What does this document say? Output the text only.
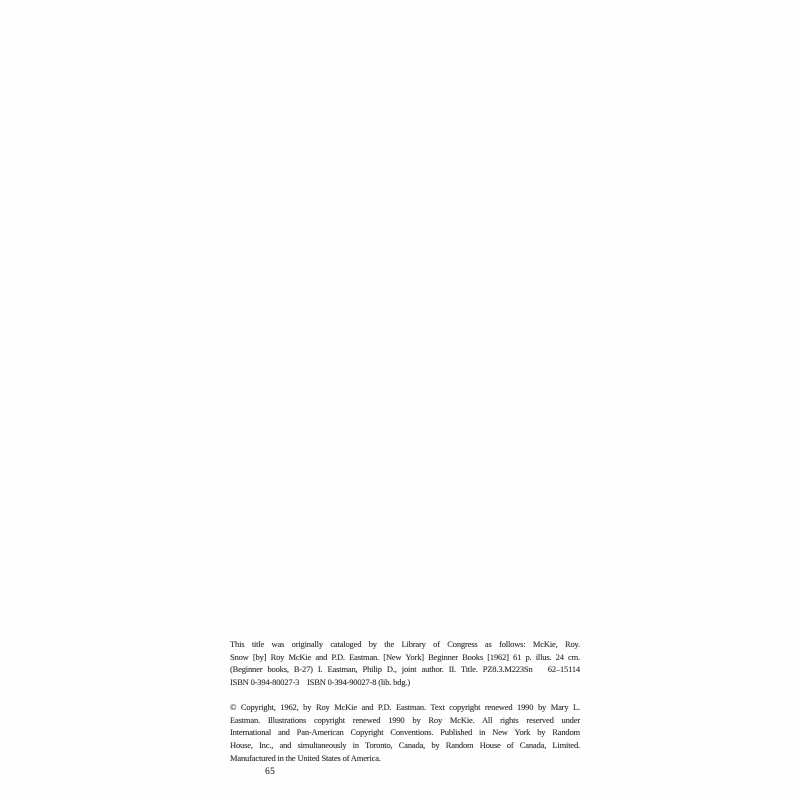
This title was originally cataloged by the Library of Congress as follows: McKie, Roy.
Snow [by] Roy McKie and P.D. Eastman. [New York] Beginner Books [1962] 61 p. illus. 24 cm.
(Beginner books, B-27) I. Eastman, Philip D., joint author. II. Title. PZ8.3.M223Sn   62–15114
ISBN 0-394-80027-3    ISBN 0-394-90027-8 (lib. bdg.)
© Copyright, 1962, by Roy McKie and P.D. Eastman. Text copyright renewed 1990 by Mary L.
Eastman. Illustrations copyright renewed 1990 by Roy McKie. All rights reserved under
International and Pan-American Copyright Conventions. Published in New York by Random
House, Inc., and simultaneously in Toronto, Canada, by Random House of Canada, Limited.
Manufactured in the United States of America.
65
